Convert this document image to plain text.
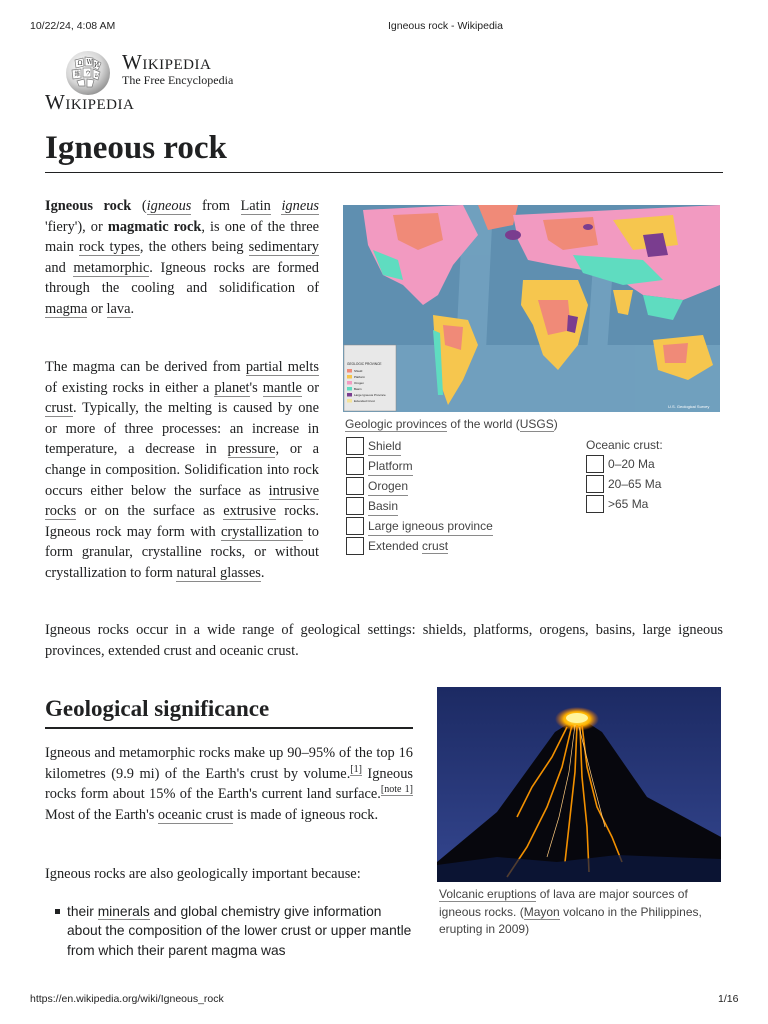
10/22/24, 4:08 AM	Igneous rock - Wikipedia
Ω W И
維 ウ ש
Wikipedia
The Free Encyclopedia
Wikipedia
Igneous rock

Igneous rock (igneous from Latin igneus 'fiery'), or magmatic rock, is one of the three main rock types, the others being sedimentary and metamorphic. Igneous rocks are formed through the cooling and solidification of magma or lava.

The magma can be derived from partial melts of existing rocks in either a planet's mantle or crust. Typically, the melting is caused by one or more of three processes: an increase in temperature, a decrease in pressure, or a change in composition. Solidification into rock occurs either below the surface as intrusive rocks or on the surface as extrusive rocks. Igneous rock may form with crystallization to form granular, crystalline rocks, or without crystallization to form natural glasses.

Igneous rocks occur in a wide range of geological settings: shields, platforms, orogens, basins, large igneous provinces, extended crust and oceanic crust.

GEOLOGIC PROVINCE
Shield
Platform
Orogen
Basin
Large Igneous Province
Extended Crust
U.S. Geological Survey
Geologic provinces of the world (USGS)
Shield
Platform
Orogen
Basin
Large igneous province
Extended crust
Oceanic crust:
0–20 Ma
20–65 Ma
>65 Ma
Geological significance

Igneous and metamorphic rocks make up 90–95% of the top 16 kilometres (9.9 mi) of the Earth's crust by volume.[1] Igneous rocks form about 15% of the Earth's current land surface.[note 1] Most of the Earth's oceanic crust is made of igneous rock.

Igneous rocks are also geologically important because:

their minerals and global chemistry give information about the composition of the lower crust or upper mantle from which their parent magma was
Volcanic eruptions of lava are major sources of igneous rocks. (Mayon volcano in the Philippines, erupting in 2009)
https://en.wikipedia.org/wiki/Igneous_rock	1/16
